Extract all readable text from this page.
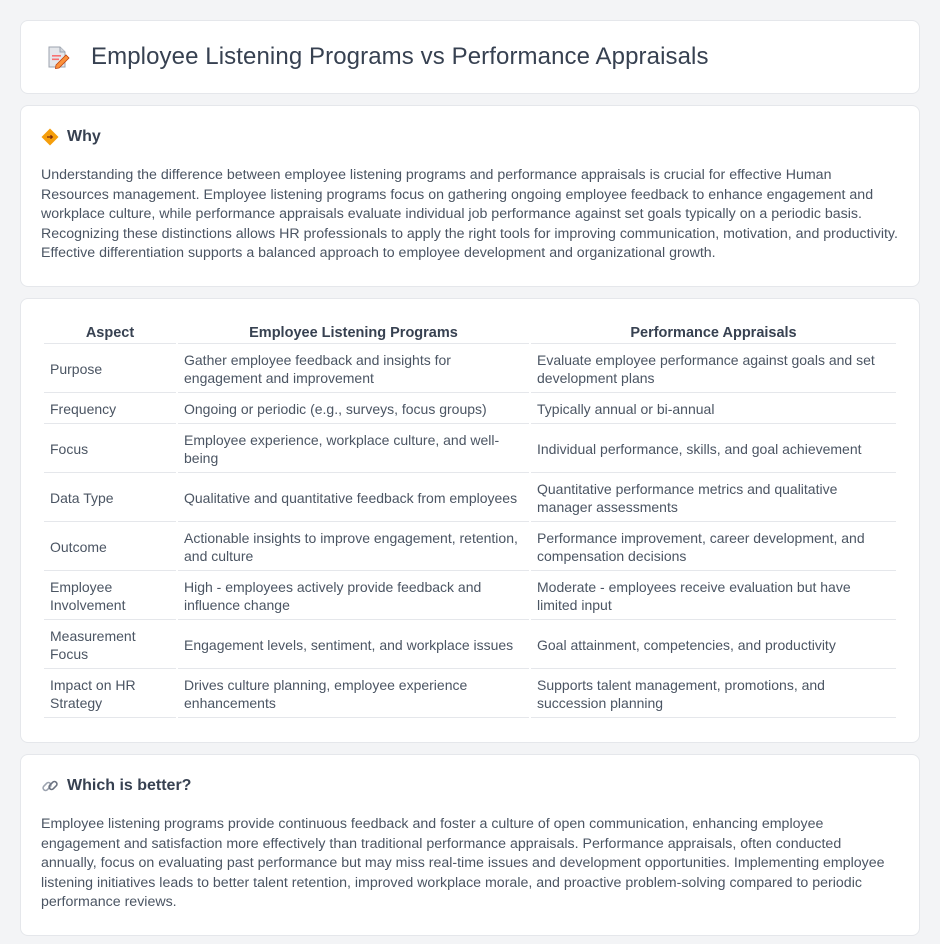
Employee Listening Programs vs Performance Appraisals
Why

Understanding the difference between employee listening programs and performance appraisals is crucial for effective Human Resources management. Employee listening programs focus on gathering ongoing employee feedback to enhance engagement and workplace culture, while performance appraisals evaluate individual job performance against set goals typically on a periodic basis. Recognizing these distinctions allows HR professionals to apply the right tools for improving communication, motivation, and productivity. Effective differentiation supports a balanced approach to employee development and organizational growth.

Aspect	Employee Listening Programs	Performance Appraisals
Purpose	Gather employee feedback and insights for engagement and improvement	Evaluate employee performance against goals and set development plans
Frequency	Ongoing or periodic (e.g., surveys, focus groups)	Typically annual or bi-annual
Focus	Employee experience, workplace culture, and well-being	Individual performance, skills, and goal achievement
Data Type	Qualitative and quantitative feedback from employees	Quantitative performance metrics and qualitative manager assessments
Outcome	Actionable insights to improve engagement, retention, and culture	Performance improvement, career development, and compensation decisions
Employee Involvement	High - employees actively provide feedback and influence change	Moderate - employees receive evaluation but have limited input
Measurement Focus	Engagement levels, sentiment, and workplace issues	Goal attainment, competencies, and productivity
Impact on HR Strategy	Drives culture planning, employee experience enhancements	Supports talent management, promotions, and succession planning
Which is better?

Employee listening programs provide continuous feedback and foster a culture of open communication, enhancing employee engagement and satisfaction more effectively than traditional performance appraisals. Performance appraisals, often conducted annually, focus on evaluating past performance but may miss real-time issues and development opportunities. Implementing employee listening initiatives leads to better talent retention, improved workplace morale, and proactive problem-solving compared to periodic performance reviews.
